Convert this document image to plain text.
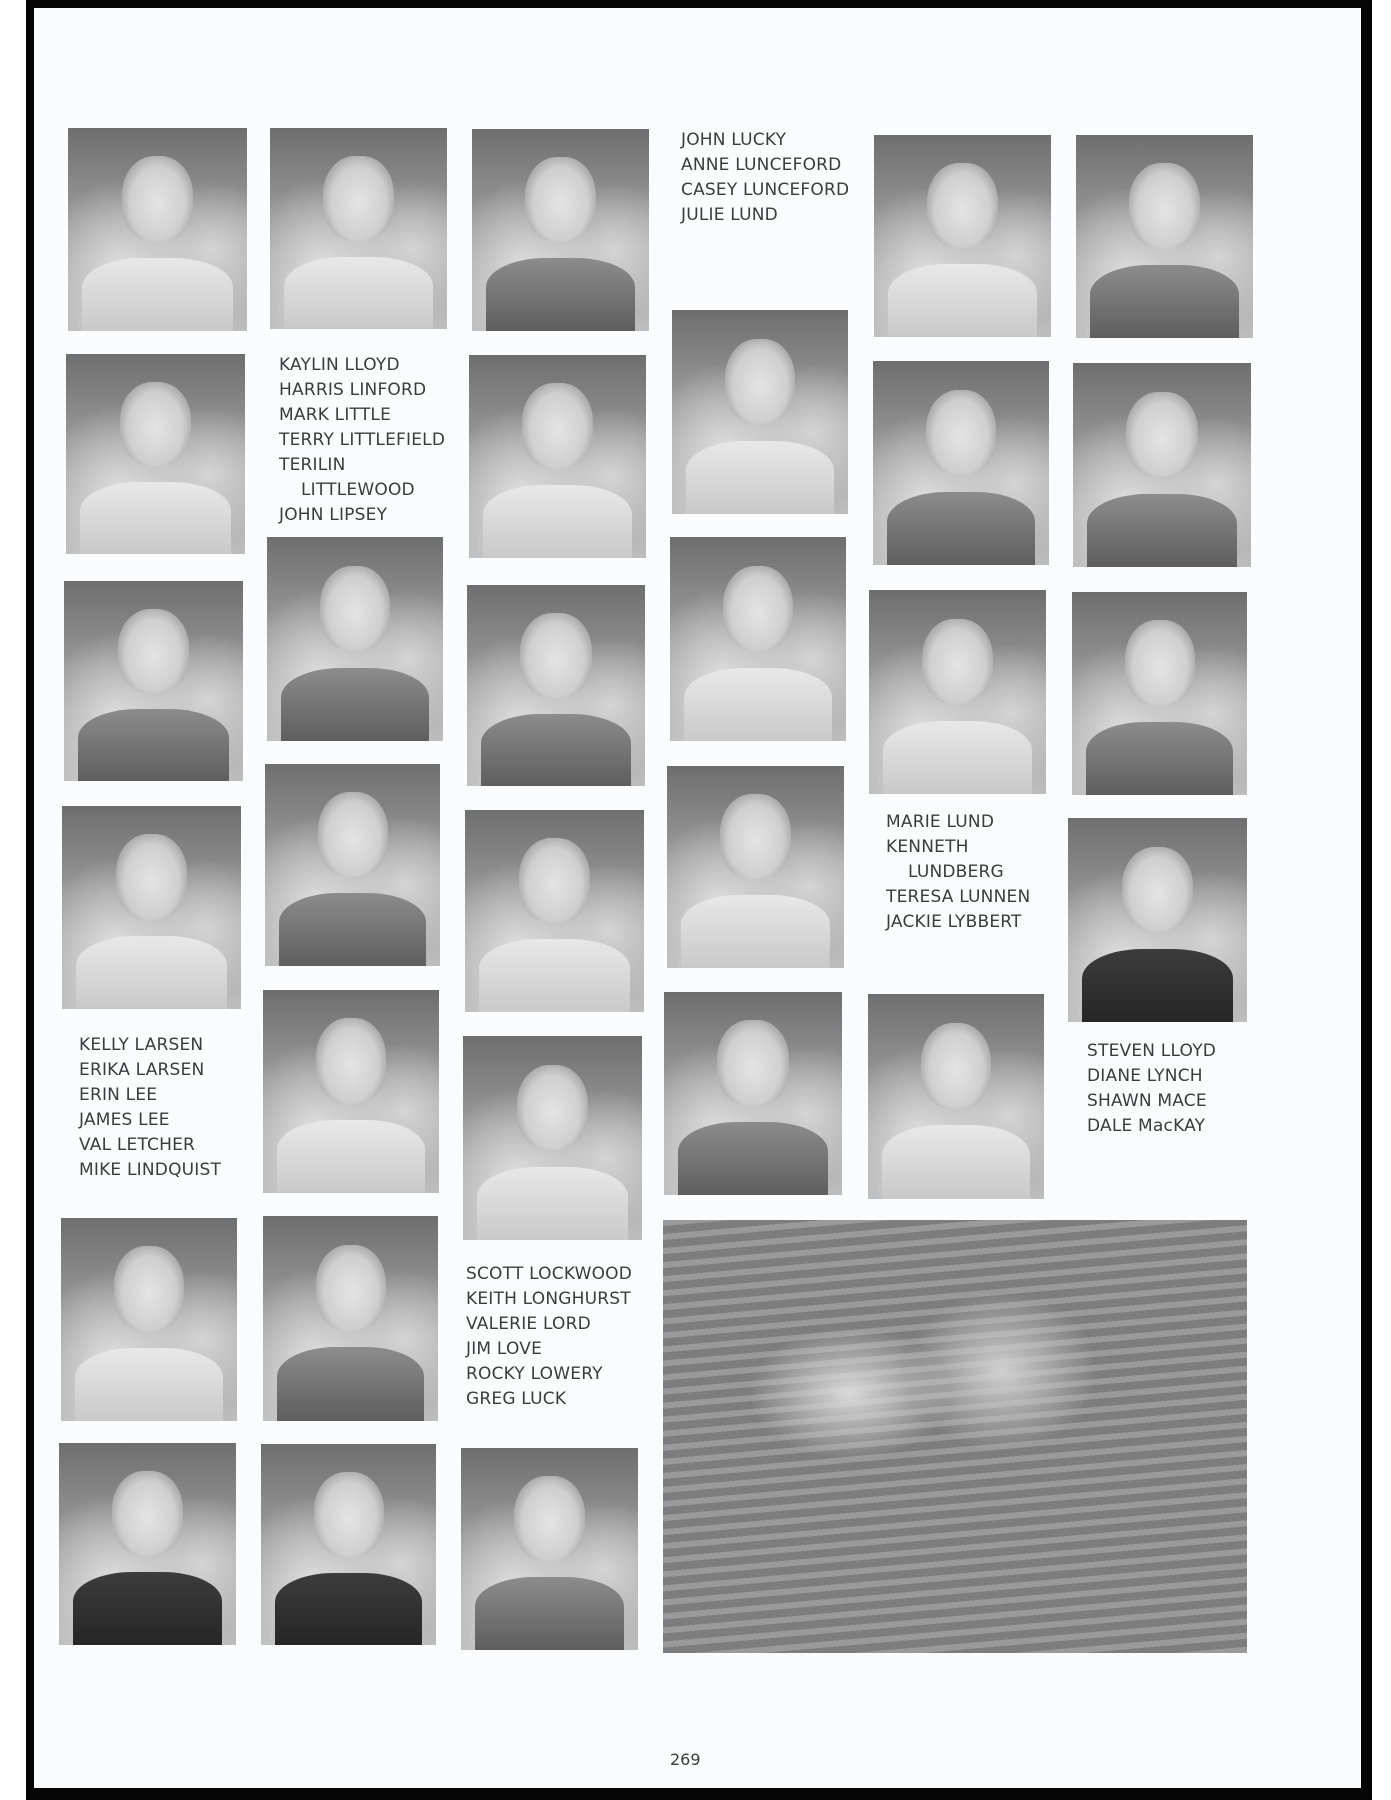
JOHN LUCKY
ANNE LUNCEFORD
CASEY LUNCEFORD
JULIE LUND
KAYLIN LLOYD
HARRIS LINFORD
MARK LITTLE
TERRY LITTLEFIELD
TERILIN
LITTLEWOOD
JOHN LIPSEY
MARIE LUND
KENNETH
LUNDBERG
TERESA LUNNEN
JACKIE LYBBERT
KELLY LARSEN
ERIKA LARSEN
ERIN LEE
JAMES LEE
VAL LETCHER
MIKE LINDQUIST
STEVEN LLOYD
DIANE LYNCH
SHAWN MACE
DALE MacKAY
SCOTT LOCKWOOD
KEITH LONGHURST
VALERIE LORD
JIM LOVE
ROCKY LOWERY
GREG LUCK
269
